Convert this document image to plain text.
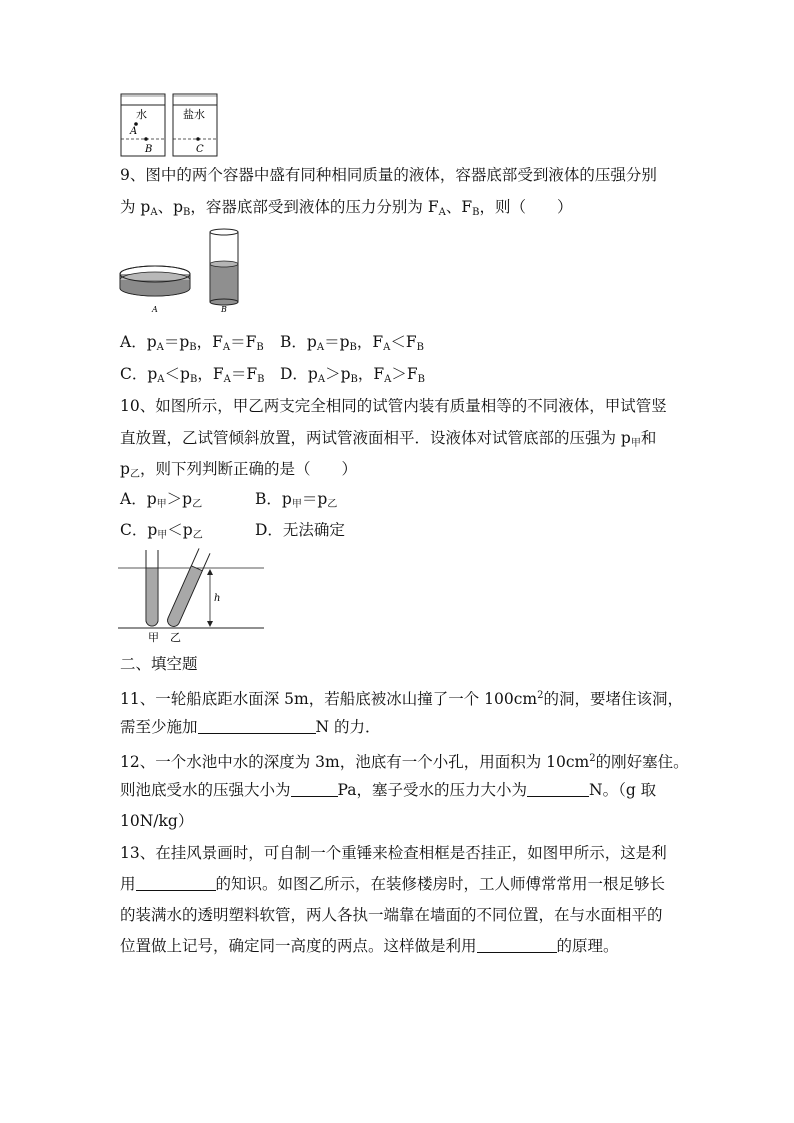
水	盐水
A
B	C
9、图中的两个容器中盛有同种相同质量的液体，容器底部受到液体的压强分别
为 $p_A$、$p_B$，容器底部受到液体的压力分别为 $F_A$、$F_B$，则（　　）
A	B
A．$p_A=p_B$，$F_A=F_B$ B．$p_A=p_B$，$F_A<F_B$
C．$p_A<p_B$，$F_A=F_B$ D．$p_A>p_B$，$F_A>F_B$
10、如图所示，甲乙两支完全相同的试管内装有质量相等的不同液体，甲试管竖
直放置，乙试管倾斜放置，两试管液面相平．设液体对试管底部的压强为 $p_甲$和
$p_乙$，则下列判断正确的是（　　）
A．$p_甲>p_乙$	B．$p_甲=p_乙$
C．$p_甲<p_乙$	D．无法确定
h
甲 乙
二、填空题
11、一轮船底距水面深 5m，若船底被冰山撞了一个 $100cm^2$的洞，要堵住该洞，
需至少施加	N 的力．
12、一个水池中水的深度为 3m，池底有一个小孔，用面积为 $10cm^2$的刚好塞住。
则池底受水的压强大小为	Pa，塞子受水的压力大小为	N。（g 取
10N/kg）
13、在挂风景画时，可自制一个重锤来检查相框是否挂正，如图甲所示，这是利
用	的知识。如图乙所示，在装修楼房时，工人师傅常常用一根足够长
的装满水的透明塑料软管，两人各执一端靠在墙面的不同位置，在与水面相平的
位置做上记号，确定同一高度的两点。这样做是利用	的原理。
